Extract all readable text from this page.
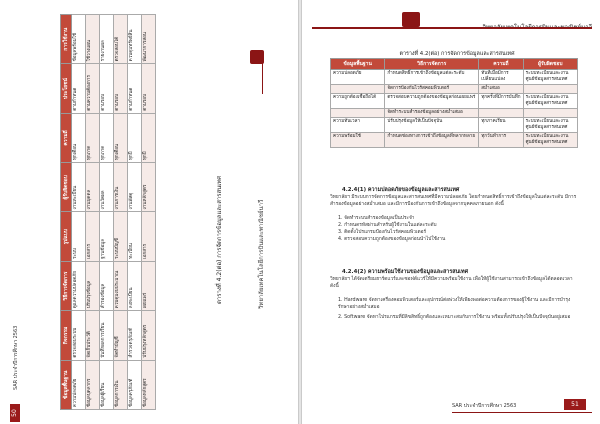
50
SAR ประจำปีการศึกษา 2563
วิทยาลัยเทคโนโลยีการบินและพาณิชย์นาวี
ตารางที่ 4.2(ต่อ) การจัดการข้อมูลและสารสนเทศ
ข้อมูลพื้นฐาน	กิจกรรม	วิธีการจัดการ	รูปแบบ	ผู้รับผิดชอบ	ความถี่	ประโยชน์	การใช้งาน
ความปลอดภัย	ตรวจสอบระบบ	ดูแลความปลอดภัย	ระบบ	งานทะเบียน	ทุกเดือน	ตามกำหนด	ข้อมูลพร้อมใช้
ข้อมูลบุคลากร	จัดเก็บประวัติ	ปรับปรุงข้อมูล	เอกสาร	งานบุคคล	ทุกภาค	ตามความต้องการ	ใช้วางแผน
ข้อมูลผู้เรียน	บันทึกผลการเรียน	สำรองข้อมูล	ฐานข้อมูล	งานวัดผล	ทุกภาค	ตามรอบ	รายงานผล
ข้อมูลการเงิน	จัดทำบัญชี	ควบคุมงบประมาณ	ระบบบัญชี	งานการเงิน	ทุกเดือน	ตามรอบ	ตรวจสอบได้
ข้อมูลครุภัณฑ์	สำรวจครุภัณฑ์	ลงทะเบียน	ทะเบียน	งานพัสดุ	ทุกปี	ตามกำหนด	ควบคุมทรัพย์สิน
ข้อมูลหลักสูตร	ปรับปรุงหลักสูตร	เผยแพร่	เอกสาร	งานหลักสูตร	ทุกปี	ตามรอบ	พัฒนาการสอน	ตารางที่ 4.2(ต่อ) การจัดการข้อมูลและสารสนเทศ
ข้อมูลพื้นฐาน	วิธีการจัดการ	ความถี่	ผู้รับผิดชอบ
ความปลอดภัย	กำหนดสิทธิ์การเข้าถึงข้อมูลแต่ละระดับ	ทันทีเมื่อมีการเปลี่ยนแปลง	ระบบทะเบียนและงานศูนย์ข้อมูลสารสนเทศ
	จัดการป้องกันไวรัสคอมพิวเตอร์	สม่ำเสมอ	
ความถูกต้องเชื่อถือได้	ตรวจสอบความถูกต้องของข้อมูลก่อนเผยแพร่	ทุกครั้งที่มีการบันทึก	ระบบทะเบียนและงานศูนย์ข้อมูลสารสนเทศ
	จัดทำระบบสำรองข้อมูลอย่างสม่ำเสมอ		
ความทันเวลา	ปรับปรุงข้อมูลให้เป็นปัจจุบัน	ทุกภาคเรียน	ระบบทะเบียนและงานศูนย์ข้อมูลสารสนเทศ
ความพร้อมใช้	กำหนดช่องทางการเข้าถึงข้อมูลที่หลากหลาย	ทุกวันทำการ	ระบบทะเบียนและงานศูนย์ข้อมูลสารสนเทศ
4.2.4(1) ความปลอดภัยของข้อมูลและสารสนเทศ
วิทยาลัยฯ มีระบบการจัดการข้อมูลและสารสนเทศที่มีความปลอดภัย โดยกำหนดสิทธิ์การเข้าถึงข้อมูลในแต่ละระดับ มีการสำรองข้อมูลอย่างสม่ำเสมอ และมีการป้องกันการเข้าถึงข้อมูลจากบุคคลภายนอก ดังนี้
1. จัดทำระบบสำรองข้อมูลเป็นประจำ
2. กำหนดรหัสผ่านสำหรับผู้ใช้งานในแต่ละระดับ
3. ติดตั้งโปรแกรมป้องกันไวรัสคอมพิวเตอร์
4. ตรวจสอบความถูกต้องของข้อมูลก่อนนำไปใช้งาน
4.2.4(2) ความพร้อมใช้งานของข้อมูลและสารสนเทศ
วิทยาลัยฯ ได้จัดเตรียมฮาร์ดแวร์และซอฟต์แวร์ให้มีความพร้อมใช้งาน เพื่อให้ผู้ใช้งานสามารถเข้าถึงข้อมูลได้ตลอดเวลา ดังนี้
1. Hardware จัดหาเครื่องคอมพิวเตอร์และอุปกรณ์ต่อพ่วงให้เพียงพอต่อความต้องการของผู้ใช้งาน และมีการบำรุงรักษาอย่างสม่ำเสมอ
2. Software จัดหาโปรแกรมที่มีลิขสิทธิ์ถูกต้องและเหมาะสมกับการใช้งาน พร้อมทั้งปรับปรุงให้เป็นปัจจุบันอยู่เสมอ
SAR ประจำปีการศึกษา 2563	51
